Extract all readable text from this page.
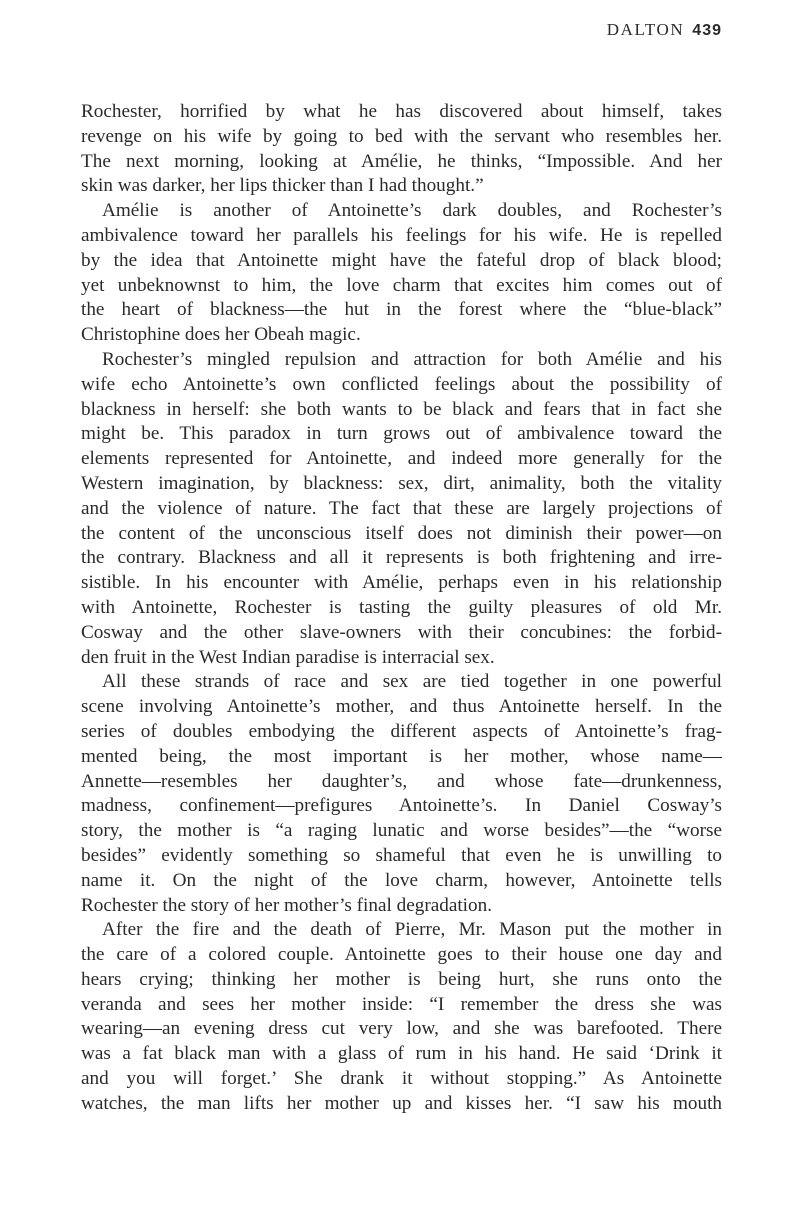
DALTON 439
Rochester, horrified by what he has discovered about himself, takes
revenge on his wife by going to bed with the servant who resembles her.
The next morning, looking at Amélie, he thinks, “Impossible. And her
skin was darker, her lips thicker than I had thought.”
Amélie is another of Antoinette’s dark doubles, and Rochester’s
ambivalence toward her parallels his feelings for his wife. He is repelled
by the idea that Antoinette might have the fateful drop of black blood;
yet unbeknownst to him, the love charm that excites him comes out of
the heart of blackness—the hut in the forest where the “blue-black”
Christophine does her Obeah magic.
Rochester’s mingled repulsion and attraction for both Amélie and his
wife echo Antoinette’s own conflicted feelings about the possibility of
blackness in herself: she both wants to be black and fears that in fact she
might be. This paradox in turn grows out of ambivalence toward the
elements represented for Antoinette, and indeed more generally for the
Western imagination, by blackness: sex, dirt, animality, both the vitality
and the violence of nature. The fact that these are largely projections of
the content of the unconscious itself does not diminish their power—on
the contrary. Blackness and all it represents is both frightening and irre-
sistible. In his encounter with Amélie, perhaps even in his relationship
with Antoinette, Rochester is tasting the guilty pleasures of old Mr.
Cosway and the other slave-owners with their concubines: the forbid-
den fruit in the West Indian paradise is interracial sex.
All these strands of race and sex are tied together in one powerful
scene involving Antoinette’s mother, and thus Antoinette herself. In the
series of doubles embodying the different aspects of Antoinette’s frag-
mented being, the most important is her mother, whose name—
Annette—resembles her daughter’s, and whose fate—drunkenness,
madness, confinement—prefigures Antoinette’s. In Daniel Cosway’s
story, the mother is “a raging lunatic and worse besides”—the “worse
besides” evidently something so shameful that even he is unwilling to
name it. On the night of the love charm, however, Antoinette tells
Rochester the story of her mother’s final degradation.
After the fire and the death of Pierre, Mr. Mason put the mother in
the care of a colored couple. Antoinette goes to their house one day and
hears crying; thinking her mother is being hurt, she runs onto the
veranda and sees her mother inside: “I remember the dress she was
wearing—an evening dress cut very low, and she was barefooted. There
was a fat black man with a glass of rum in his hand. He said ‘Drink it
and you will forget.’ She drank it without stopping.” As Antoinette
watches, the man lifts her mother up and kisses her. “I saw his mouth
